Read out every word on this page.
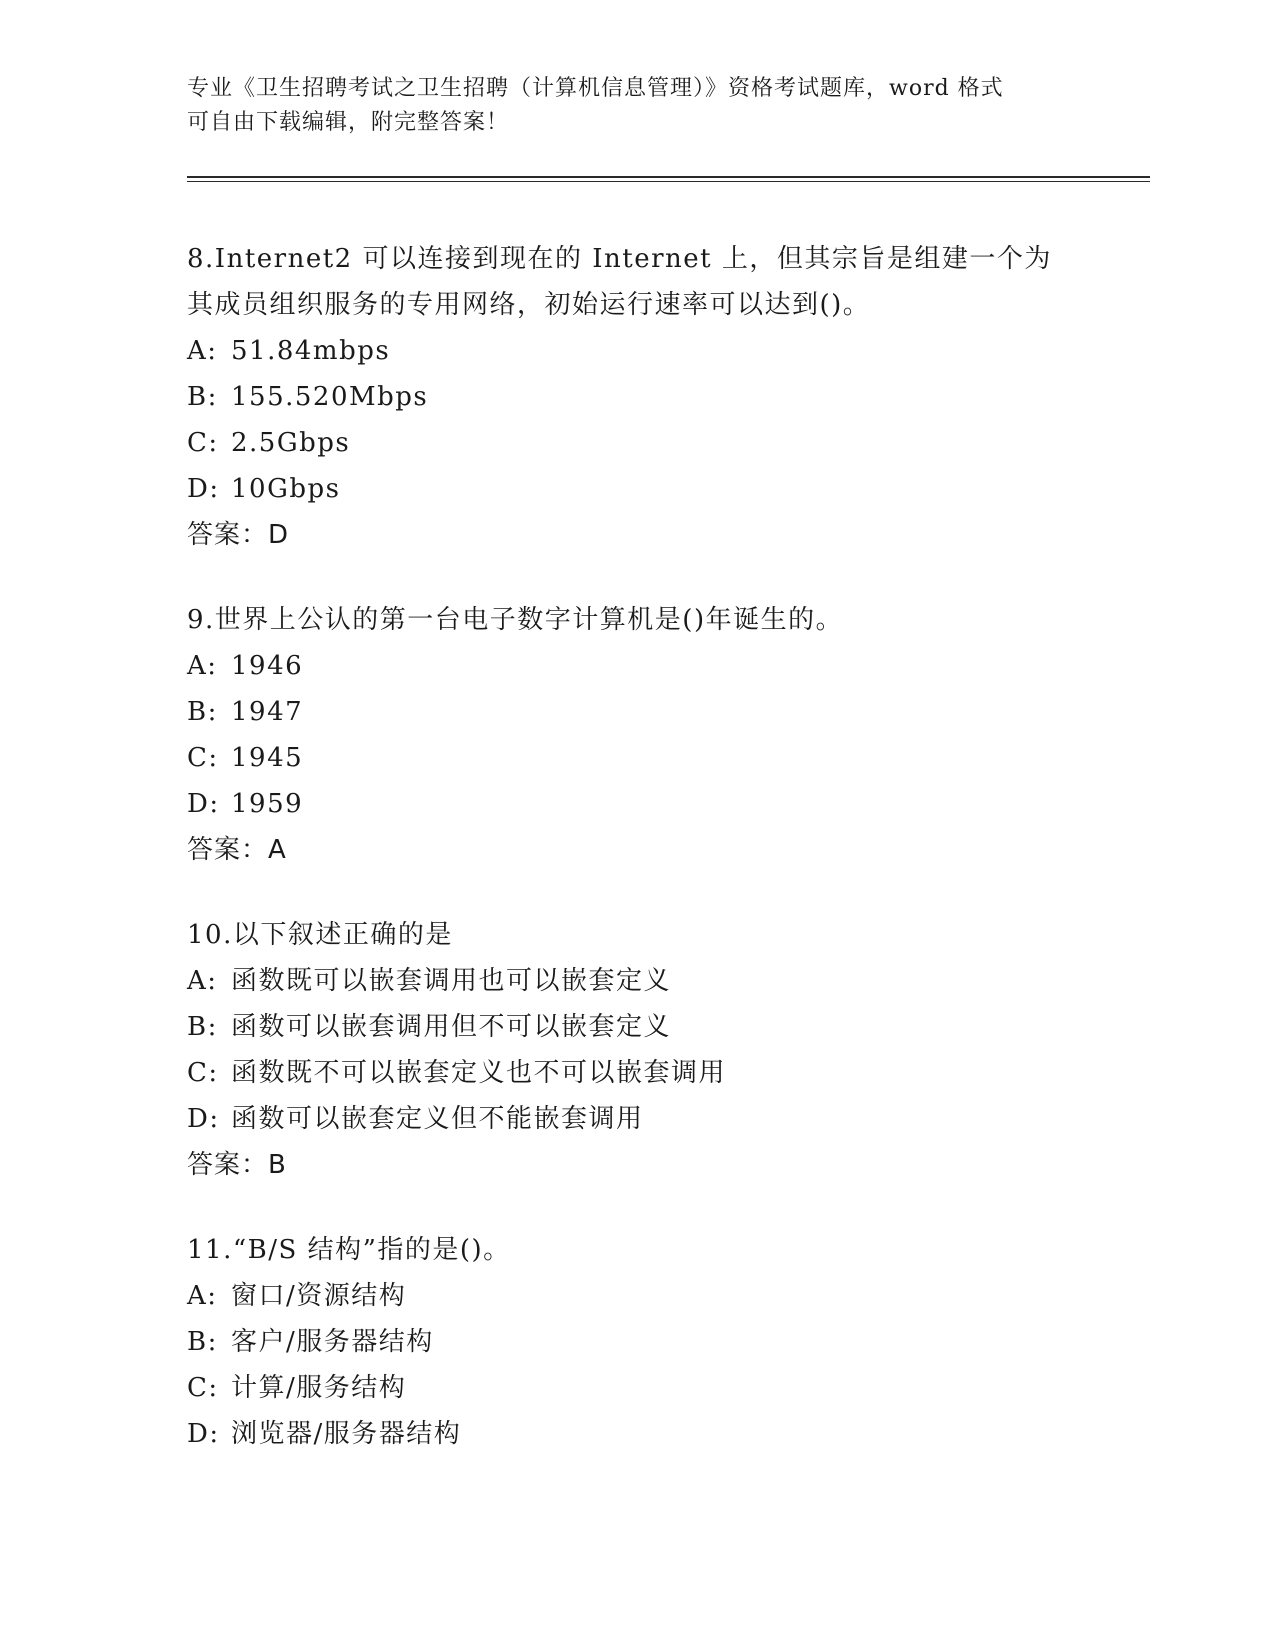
专业《卫生招聘考试之卫生招聘（计算机信息管理）》资格考试题库，word 格式
可自由下载编辑，附完整答案！
8.Internet2 可以连接到现在的 Internet 上，但其宗旨是组建一个为
其成员组织服务的专用网络，初始运行速率可以达到()。
A: 51.84mbps
B: 155.520Mbps
C: 2.5Gbps
D: 10Gbps
答案：D
9.世界上公认的第一台电子数字计算机是()年诞生的。
A: 1946
B: 1947
C: 1945
D: 1959
答案：A
10.以下叙述正确的是
A: 函数既可以嵌套调用也可以嵌套定义
B: 函数可以嵌套调用但不可以嵌套定义
C: 函数既不可以嵌套定义也不可以嵌套调用
D: 函数可以嵌套定义但不能嵌套调用
答案：B
11.“B/S 结构”指的是()。
A: 窗口/资源结构
B: 客户/服务器结构
C: 计算/服务结构
D: 浏览器/服务器结构
